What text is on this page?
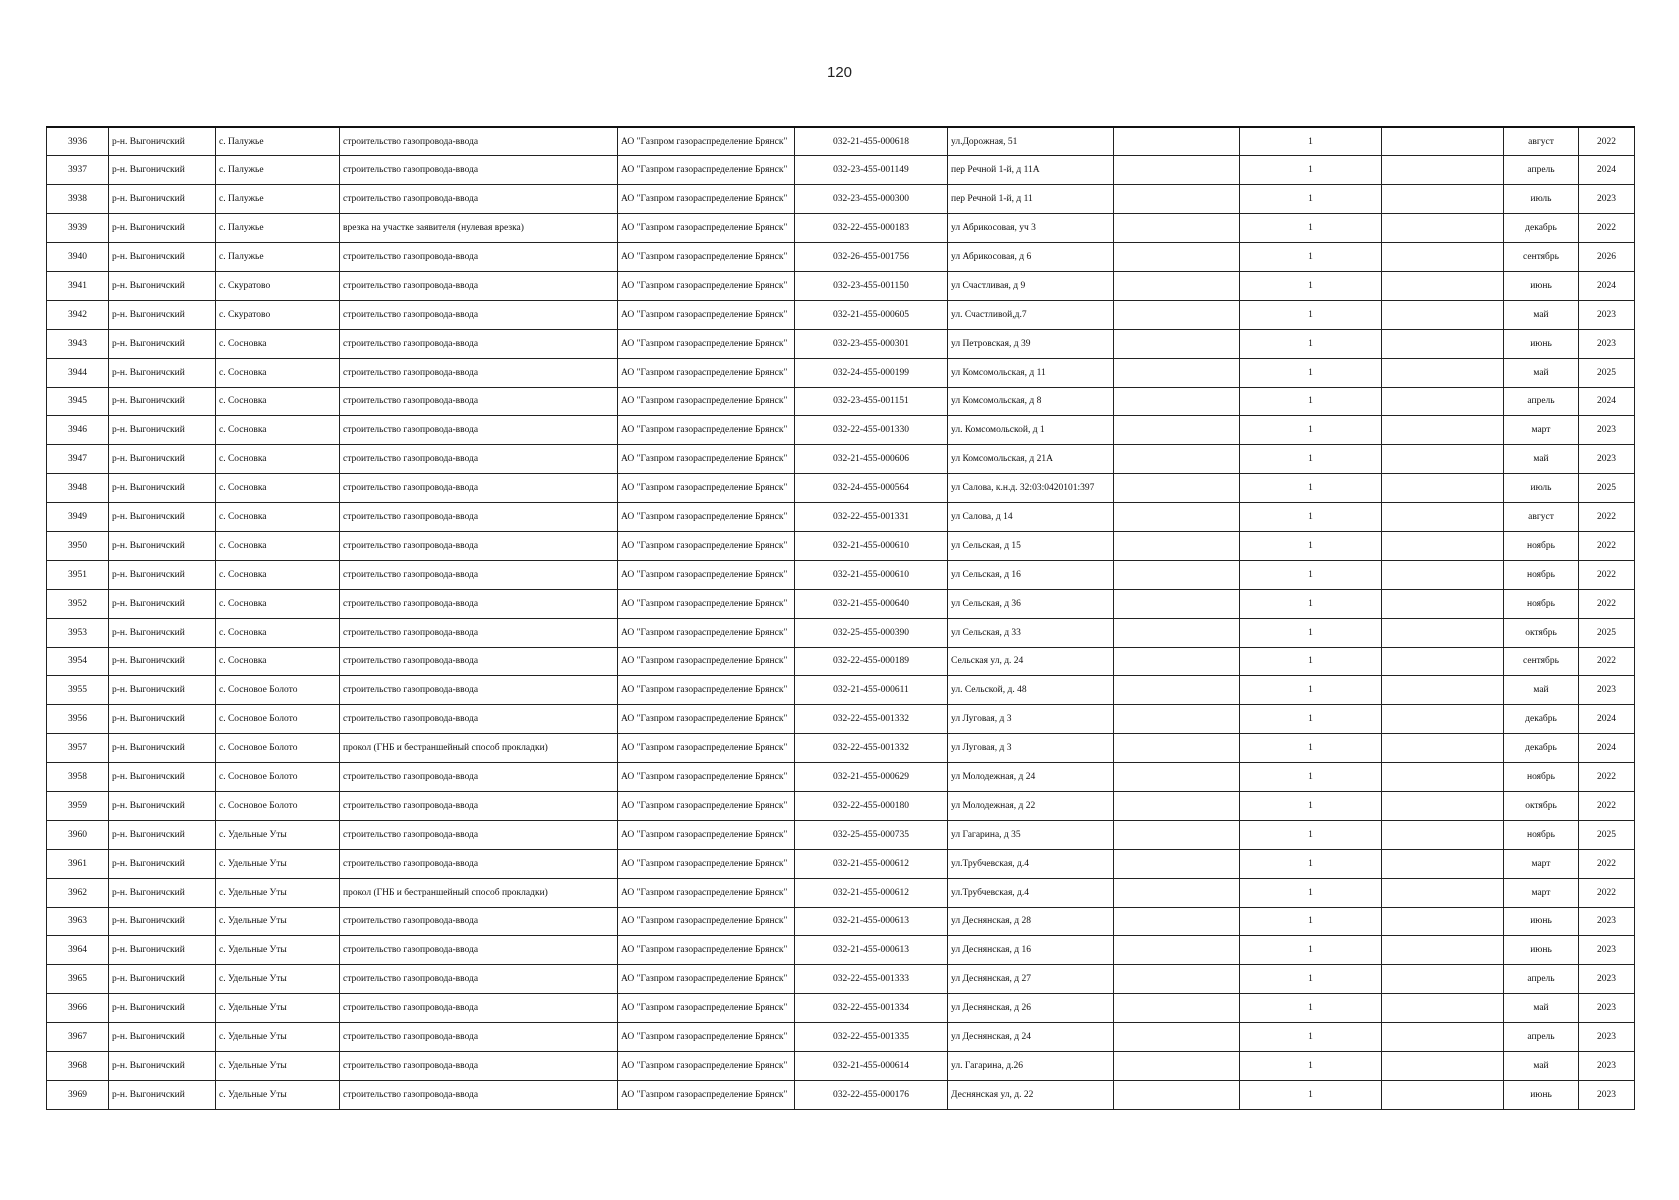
120
3936	р-н. Выгоничский	с. Палужье	строительство газопровода-ввода	АО "Газпром газораспределение Брянск"	032-21-455-000618	ул.Дорожная, 51		1		август	2022
3937	р-н. Выгоничский	с. Палужье	строительство газопровода-ввода	АО "Газпром газораспределение Брянск"	032-23-455-001149	пер Речной 1-й, д 11А		1		апрель	2024
3938	р-н. Выгоничский	с. Палужье	строительство газопровода-ввода	АО "Газпром газораспределение Брянск"	032-23-455-000300	пер Речной 1-й, д 11		1		июль	2023
3939	р-н. Выгоничский	с. Палужье	врезка на участке заявителя (нулевая врезка)	АО "Газпром газораспределение Брянск"	032-22-455-000183	ул Абрикосовая, уч 3		1		декабрь	2022
3940	р-н. Выгоничский	с. Палужье	строительство газопровода-ввода	АО "Газпром газораспределение Брянск"	032-26-455-001756	ул Абрикосовая, д 6		1		сентябрь	2026
3941	р-н. Выгоничский	с. Скуратово	строительство газопровода-ввода	АО "Газпром газораспределение Брянск"	032-23-455-001150	ул Счастливая, д 9		1		июнь	2024
3942	р-н. Выгоничский	с. Скуратово	строительство газопровода-ввода	АО "Газпром газораспределение Брянск"	032-21-455-000605	ул. Счастливой,д.7		1		май	2023
3943	р-н. Выгоничский	с. Сосновка	строительство газопровода-ввода	АО "Газпром газораспределение Брянск"	032-23-455-000301	ул Петровская, д 39		1		июнь	2023
3944	р-н. Выгоничский	с. Сосновка	строительство газопровода-ввода	АО "Газпром газораспределение Брянск"	032-24-455-000199	ул Комсомольская, д 11		1		май	2025
3945	р-н. Выгоничский	с. Сосновка	строительство газопровода-ввода	АО "Газпром газораспределение Брянск"	032-23-455-001151	ул Комсомольская, д 8		1		апрель	2024
3946	р-н. Выгоничский	с. Сосновка	строительство газопровода-ввода	АО "Газпром газораспределение Брянск"	032-22-455-001330	ул. Комсомольской, д 1		1		март	2023
3947	р-н. Выгоничский	с. Сосновка	строительство газопровода-ввода	АО "Газпром газораспределение Брянск"	032-21-455-000606	ул Комсомольская, д 21А		1		май	2023
3948	р-н. Выгоничский	с. Сосновка	строительство газопровода-ввода	АО "Газпром газораспределение Брянск"	032-24-455-000564	ул Салова, к.н.д. 32:03:0420101:397		1		июль	2025
3949	р-н. Выгоничский	с. Сосновка	строительство газопровода-ввода	АО "Газпром газораспределение Брянск"	032-22-455-001331	ул Салова, д 14		1		август	2022
3950	р-н. Выгоничский	с. Сосновка	строительство газопровода-ввода	АО "Газпром газораспределение Брянск"	032-21-455-000610	ул Сельская, д 15		1		ноябрь	2022
3951	р-н. Выгоничский	с. Сосновка	строительство газопровода-ввода	АО "Газпром газораспределение Брянск"	032-21-455-000610	ул Сельская, д 16		1		ноябрь	2022
3952	р-н. Выгоничский	с. Сосновка	строительство газопровода-ввода	АО "Газпром газораспределение Брянск"	032-21-455-000640	ул Сельская, д 36		1		ноябрь	2022
3953	р-н. Выгоничский	с. Сосновка	строительство газопровода-ввода	АО "Газпром газораспределение Брянск"	032-25-455-000390	ул Сельская, д 33		1		октябрь	2025
3954	р-н. Выгоничский	с. Сосновка	строительство газопровода-ввода	АО "Газпром газораспределение Брянск"	032-22-455-000189	Сельская ул, д. 24		1		сентябрь	2022
3955	р-н. Выгоничский	с. Сосновое Болото	строительство газопровода-ввода	АО "Газпром газораспределение Брянск"	032-21-455-000611	ул. Сельской, д. 48		1		май	2023
3956	р-н. Выгоничский	с. Сосновое Болото	строительство газопровода-ввода	АО "Газпром газораспределение Брянск"	032-22-455-001332	ул Луговая, д 3		1		декабрь	2024
3957	р-н. Выгоничский	с. Сосновое Болото	прокол (ГНБ и бестраншейный способ прокладки)	АО "Газпром газораспределение Брянск"	032-22-455-001332	ул Луговая, д 3		1		декабрь	2024
3958	р-н. Выгоничский	с. Сосновое Болото	строительство газопровода-ввода	АО "Газпром газораспределение Брянск"	032-21-455-000629	ул Молодежная, д 24		1		ноябрь	2022
3959	р-н. Выгоничский	с. Сосновое Болото	строительство газопровода-ввода	АО "Газпром газораспределение Брянск"	032-22-455-000180	ул Молодежная, д 22		1		октябрь	2022
3960	р-н. Выгоничский	с. Удельные Уты	строительство газопровода-ввода	АО "Газпром газораспределение Брянск"	032-25-455-000735	ул Гагарина, д 35		1		ноябрь	2025
3961	р-н. Выгоничский	с. Удельные Уты	строительство газопровода-ввода	АО "Газпром газораспределение Брянск"	032-21-455-000612	ул.Трубчевская, д.4		1		март	2022
3962	р-н. Выгоничский	с. Удельные Уты	прокол (ГНБ и бестраншейный способ прокладки)	АО "Газпром газораспределение Брянск"	032-21-455-000612	ул.Трубчевская, д.4		1		март	2022
3963	р-н. Выгоничский	с. Удельные Уты	строительство газопровода-ввода	АО "Газпром газораспределение Брянск"	032-21-455-000613	ул Деснянская, д 28		1		июнь	2023
3964	р-н. Выгоничский	с. Удельные Уты	строительство газопровода-ввода	АО "Газпром газораспределение Брянск"	032-21-455-000613	ул Деснянская, д 16		1		июнь	2023
3965	р-н. Выгоничский	с. Удельные Уты	строительство газопровода-ввода	АО "Газпром газораспределение Брянск"	032-22-455-001333	ул Деснянская, д 27		1		апрель	2023
3966	р-н. Выгоничский	с. Удельные Уты	строительство газопровода-ввода	АО "Газпром газораспределение Брянск"	032-22-455-001334	ул Деснянская, д 26		1		май	2023
3967	р-н. Выгоничский	с. Удельные Уты	строительство газопровода-ввода	АО "Газпром газораспределение Брянск"	032-22-455-001335	ул Деснянская, д 24		1		апрель	2023
3968	р-н. Выгоничский	с. Удельные Уты	строительство газопровода-ввода	АО "Газпром газораспределение Брянск"	032-21-455-000614	ул. Гагарина, д.26		1		май	2023
3969	р-н. Выгоничский	с. Удельные Уты	строительство газопровода-ввода	АО "Газпром газораспределение Брянск"	032-22-455-000176	Деснянская ул, д. 22		1		июнь	2023
